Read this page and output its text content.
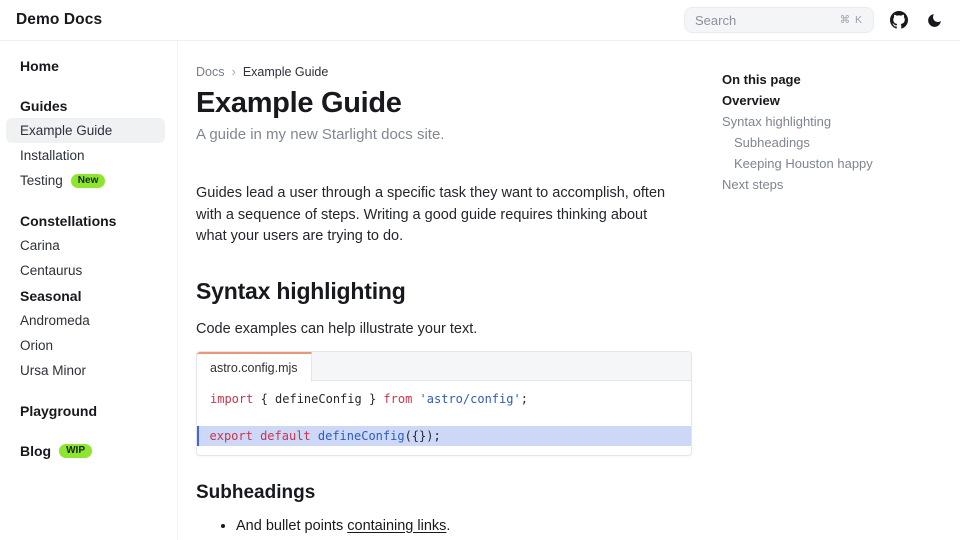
Demo Docs	Search	⌘ K
Home
Guides
Example Guide
Installation
Testing	New
Constellations
Carina
Centaurus
Seasonal
Andromeda
Orion
Ursa Minor
Playground
Blog	WIP
Docs › Example Guide
Example Guide

A guide in my new Starlight docs site.

Guides lead a user through a specific task they want to accomplish, often with a sequence of steps. Writing a good guide requires thinking about what your users are trying to do.

Syntax highlighting

Code examples can help illustrate your text.

astro.config.mjs
import { defineConfig } from 'astro/config';
export default defineConfig({});
Subheadings
• And bullet points containing links.
On this page
Overview
Syntax highlighting
Subheadings
Keeping Houston happy
Next steps
